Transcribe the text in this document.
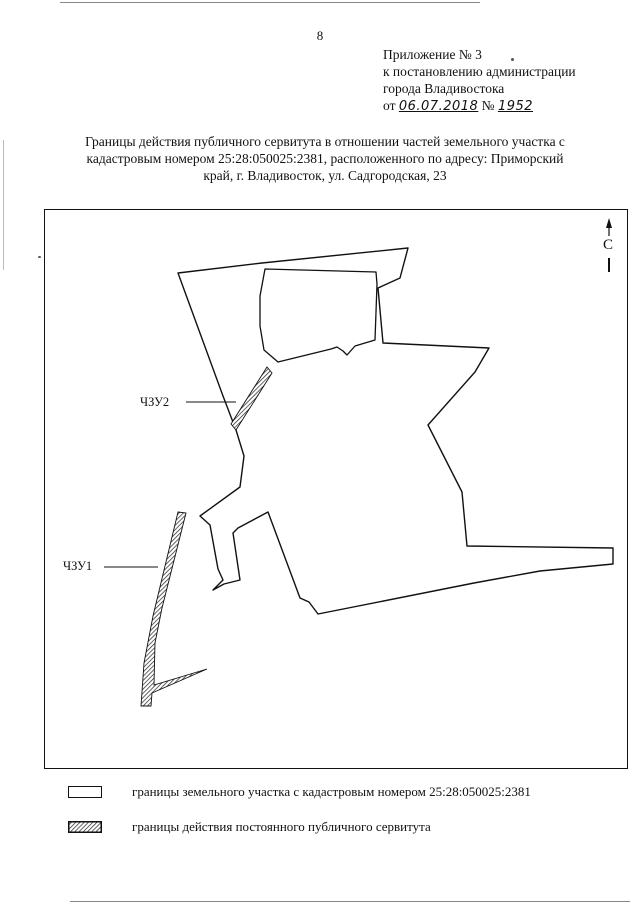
8
Приложение № 3
к постановлению администрации
города Владивостока
от 06.07.2018 № 1952
Границы действия публичного сервитута в отношении частей земельного участка с
кадастровым номером 25:28:050025:2381, расположенного по адресу: Приморский
край, г. Владивосток, ул. Садгородская, 23
С
ЧЗУ2
ЧЗУ1
границы земельного участка с кадастровым номером 25:28:050025:2381
границы действия постоянного публичного сервитута
